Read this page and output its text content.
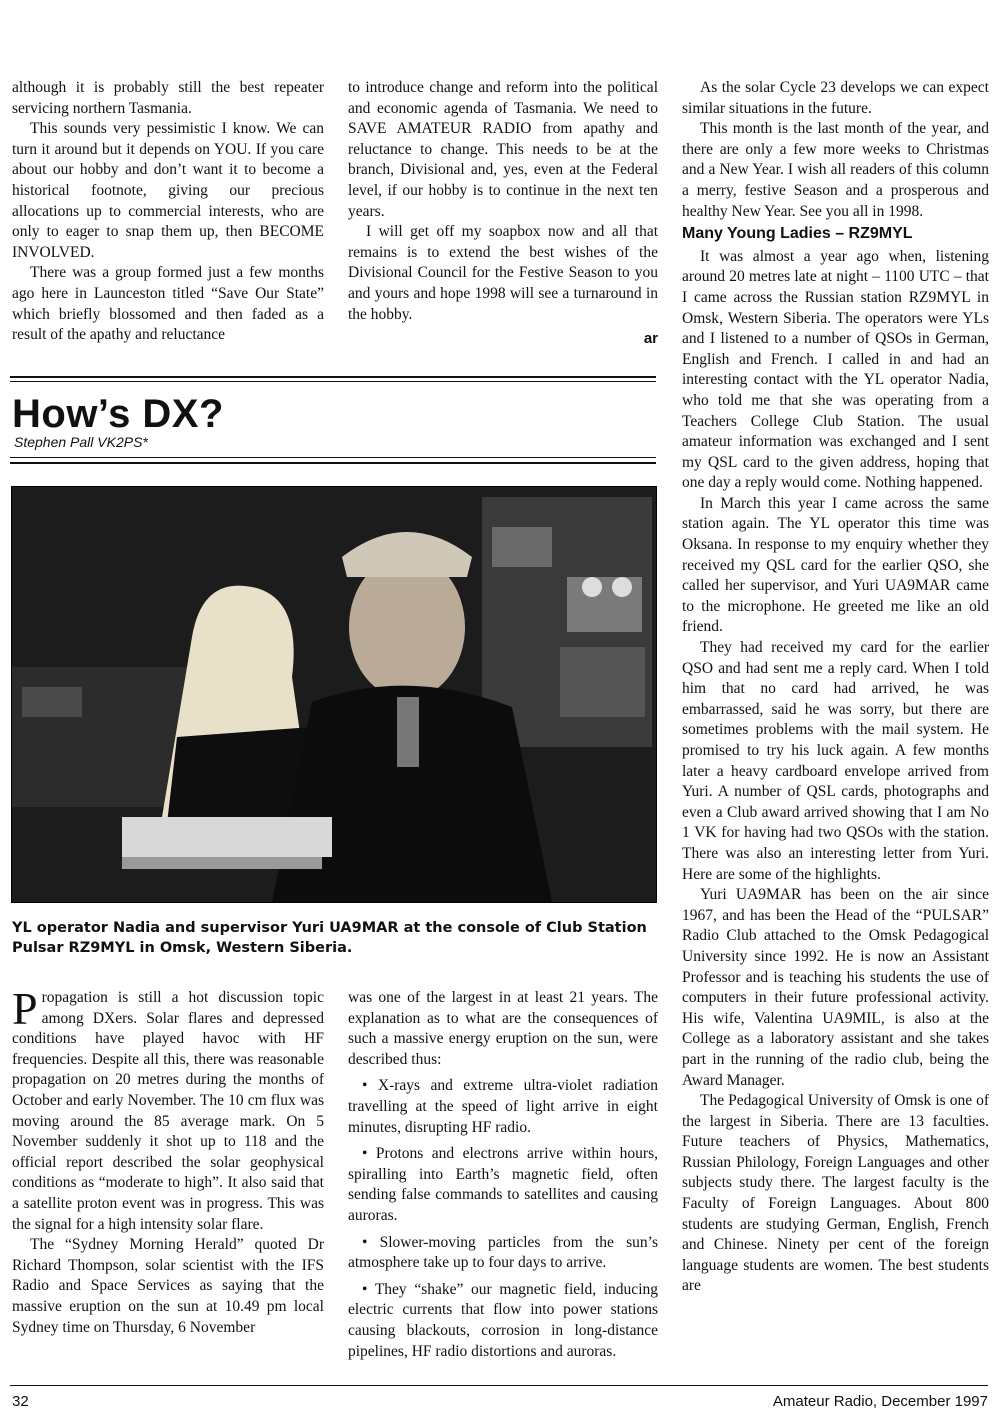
although it is probably still the best repeater servicing northern Tasmania.

This sounds very pessimistic I know. We can turn it around but it depends on YOU. If you care about our hobby and don’t want it to become a historical footnote, giving our precious allocations up to commercial interests, who are only to eager to snap them up, then BECOME INVOLVED.

There was a group formed just a few months ago here in Launceston titled “Save Our State” which briefly blossomed and then faded as a result of the apathy and reluctance

to introduce change and reform into the political and economic agenda of Tasmania. We need to SAVE AMATEUR RADIO from apathy and reluctance to change. This needs to be at the branch, Divisional and, yes, even at the Federal level, if our hobby is to continue in the next ten years.

I will get off my soapbox now and all that remains is to extend the best wishes of the Divisional Council for the Festive Season to you and yours and hope 1998 will see a turnaround in the hobby.

ar
How’s DX?
Stephen Pall VK2PS*
YL operator Nadia and supervisor Yuri UA9MAR at the console of Club Station Pulsar RZ9MYL in Omsk, Western Siberia.

Propagation is still a hot discussion topic among DXers. Solar flares and depressed conditions have played havoc with HF frequencies. Despite all this, there was reasonable propagation on 20 metres during the months of October and early November. The 10 cm flux was moving around the 85 average mark. On 5 November suddenly it shot up to 118 and the official report described the solar geophysical conditions as “moderate to high”. It also said that a satellite proton event was in progress. This was the signal for a high intensity solar flare.

The “Sydney Morning Herald” quoted Dr Richard Thompson, solar scientist with the IFS Radio and Space Services as saying that the massive eruption on the sun at 10.49 pm local Sydney time on Thursday, 6 November

was one of the largest in at least 21 years. The explanation as to what are the consequences of such a massive energy eruption on the sun, were described thus:

• X-rays and extreme ultra-violet radiation travelling at the speed of light arrive in eight minutes, disrupting HF radio.

• Protons and electrons arrive within hours, spiralling into Earth’s magnetic field, often sending false commands to satellites and causing auroras.

• Slower-moving particles from the sun’s atmosphere take up to four days to arrive.

• They “shake” our magnetic field, inducing electric currents that flow into power stations causing blackouts, corrosion in long-distance pipelines, HF radio distortions and auroras.

As the solar Cycle 23 develops we can expect similar situations in the future.

This month is the last month of the year, and there are only a few more weeks to Christmas and a New Year. I wish all readers of this column a merry, festive Season and a prosperous and healthy New Year. See you all in 1998.

Many Young Ladies – RZ9MYL

It was almost a year ago when, listening around 20 metres late at night – 1100 UTC – that I came across the Russian station RZ9MYL in Omsk, Western Siberia. The operators were YLs and I listened to a number of QSOs in German, English and French. I called in and had an interesting contact with the YL operator Nadia, who told me that she was operating from a Teachers College Club Station. The usual amateur information was exchanged and I sent my QSL card to the given address, hoping that one day a reply would come. Nothing happened.

In March this year I came across the same station again. The YL operator this time was Oksana. In response to my enquiry whether they received my QSL card for the earlier QSO, she called her supervisor, and Yuri UA9MAR came to the microphone. He greeted me like an old friend.

They had received my card for the earlier QSO and had sent me a reply card. When I told him that no card had arrived, he was embarrassed, said he was sorry, but there are sometimes problems with the mail system. He promised to try his luck again. A few months later a heavy cardboard envelope arrived from Yuri. A number of QSL cards, photographs and even a Club award arrived showing that I am No 1 VK for having had two QSOs with the station. There was also an interesting letter from Yuri. Here are some of the highlights.

Yuri UA9MAR has been on the air since 1967, and has been the Head of the “PULSAR” Radio Club attached to the Omsk Pedagogical University since 1992. He is now an Assistant Professor and is teaching his students the use of computers in their future professional activity. His wife, Valentina UA9MIL, is also at the College as a laboratory assistant and she takes part in the running of the radio club, being the Award Manager.

The Pedagogical University of Omsk is one of the largest in Siberia. There are 13 faculties. Future teachers of Physics, Mathematics, Russian Philology, Foreign Languages and other subjects study there. The largest faculty is the Faculty of Foreign Languages. About 800 students are studying German, English, French and Chinese. Ninety per cent of the foreign language students are women. The best students are

32	Amateur Radio, December 1997
